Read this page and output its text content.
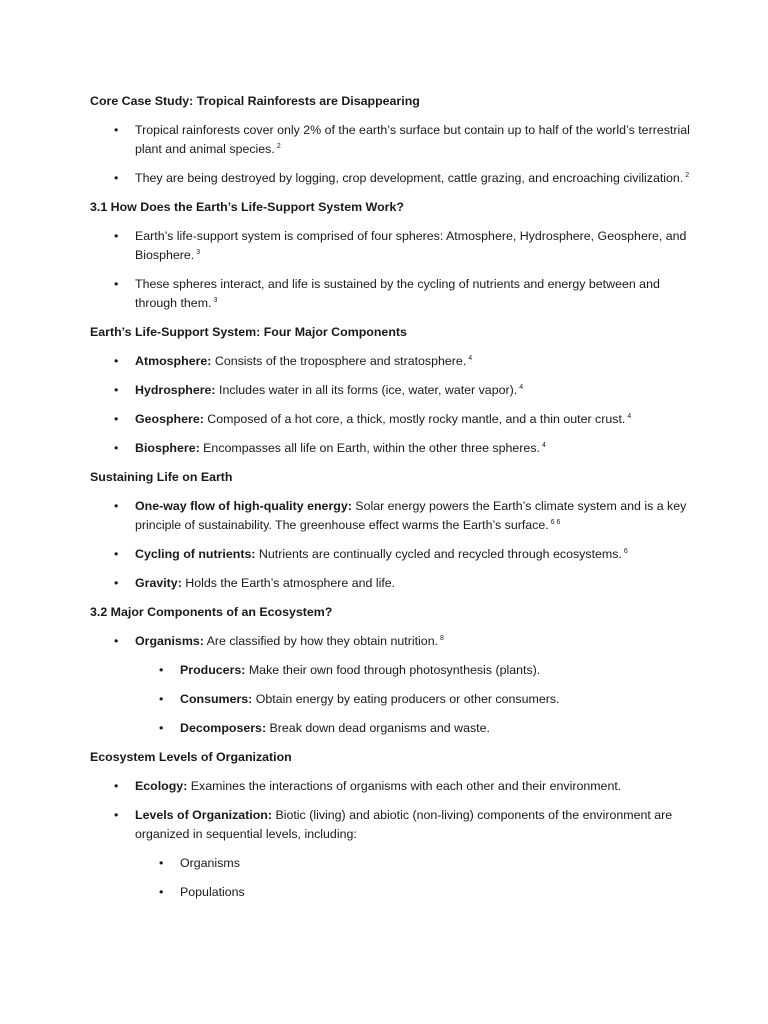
Core Case Study: Tropical Rainforests are Disappearing

• Tropical rainforests cover only 2% of the earth’s surface but contain up to half of the world’s terrestrial plant and animal species. $^2$
• They are being destroyed by logging, crop development, cattle grazing, and encroaching civilization. $^2$

3.1 How Does the Earth’s Life-Support System Work?

• Earth’s life-support system is comprised of four spheres: Atmosphere, Hydrosphere, Geosphere, and Biosphere. $^3$
• These spheres interact, and life is sustained by the cycling of nutrients and energy between and through them. $^3$

Earth’s Life-Support System: Four Major Components

• Atmosphere: Consists of the troposphere and stratosphere. $^4$
• Hydrosphere: Includes water in all its forms (ice, water, water vapor). $^4$
• Geosphere: Composed of a hot core, a thick, mostly rocky mantle, and a thin outer crust. $^4$
• Biosphere: Encompasses all life on Earth, within the other three spheres. $^4$

Sustaining Life on Earth

• One-way flow of high-quality energy: Solar energy powers the Earth’s climate system and is a key principle of sustainability. The greenhouse effect warms the Earth’s surface. $^{6 6}$
• Cycling of nutrients: Nutrients are continually cycled and recycled through ecosystems. $^6$
• Gravity: Holds the Earth’s atmosphere and life.

3.2 Major Components of an Ecosystem?

• Organisms: Are classified by how they obtain nutrition. $^8$
• Producers: Make their own food through photosynthesis (plants).
• Consumers: Obtain energy by eating producers or other consumers.
• Decomposers: Break down dead organisms and waste.

Ecosystem Levels of Organization

• Ecology: Examines the interactions of organisms with each other and their environment.
• Levels of Organization: Biotic (living) and abiotic (non-living) components of the environment are organized in sequential levels, including:
• Organisms
• Populations
